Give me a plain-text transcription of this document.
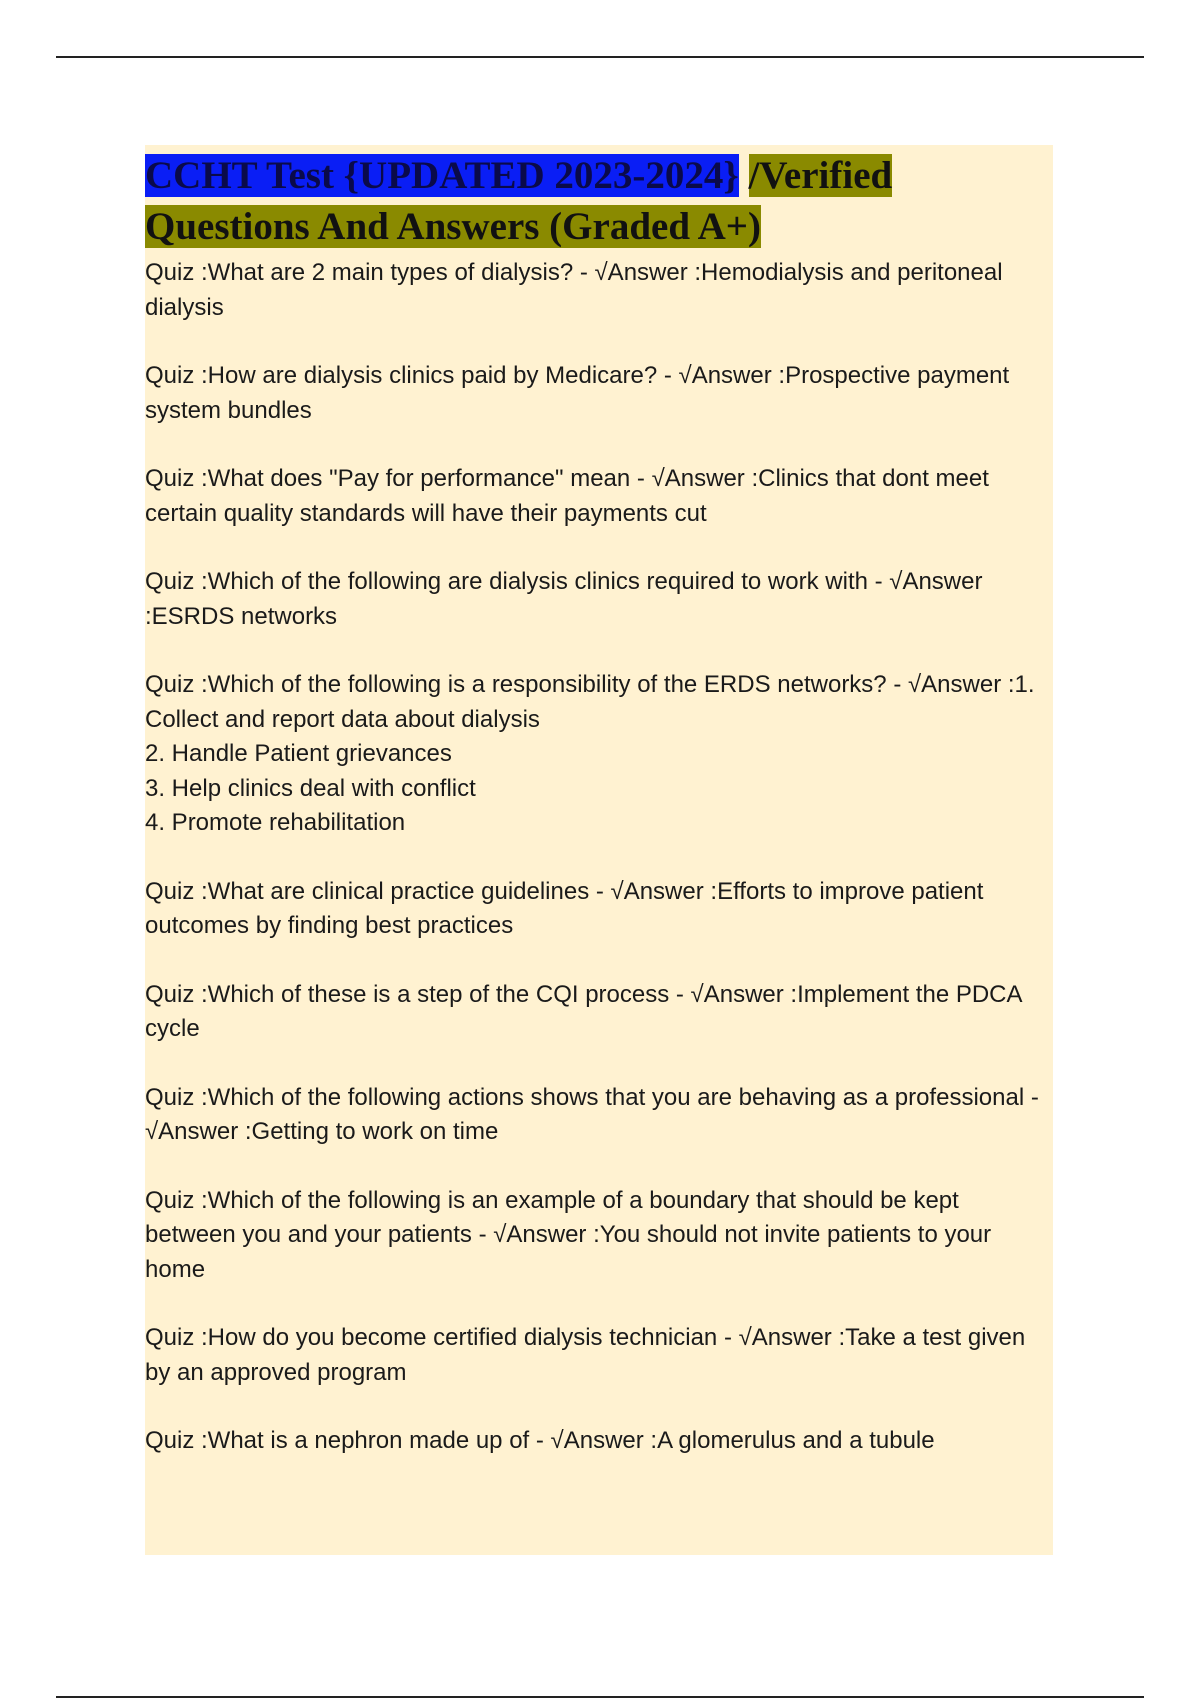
CCHT Test {UPDATED 2023-2024} /Verified
Questions And Answers (Graded A+)
Quiz :What are 2 main types of dialysis? - √Answer :Hemodialysis and peritoneal dialysis
Quiz :How are dialysis clinics paid by Medicare? - √Answer :Prospective payment system bundles
Quiz :What does "Pay for performance" mean - √Answer :Clinics that dont meet certain quality standards will have their payments cut
Quiz :Which of the following are dialysis clinics required to work with - √Answer :ESRDS networks
Quiz :Which of the following is a responsibility of the ERDS networks? - √Answer :1. Collect and report data about dialysis
2. Handle Patient grievances
3. Help clinics deal with conflict
4. Promote rehabilitation
Quiz :What are clinical practice guidelines - √Answer :Efforts to improve patient outcomes by finding best practices
Quiz :Which of these is a step of the CQI process - √Answer :Implement the PDCA cycle
Quiz :Which of the following actions shows that you are behaving as a professional - √Answer :Getting to work on time
Quiz :Which of the following is an example of a boundary that should be kept between you and your patients - √Answer :You should not invite patients to your home
Quiz :How do you become certified dialysis technician - √Answer :Take a test given by an approved program
Quiz :What is a nephron made up of - √Answer :A glomerulus and a tubule
